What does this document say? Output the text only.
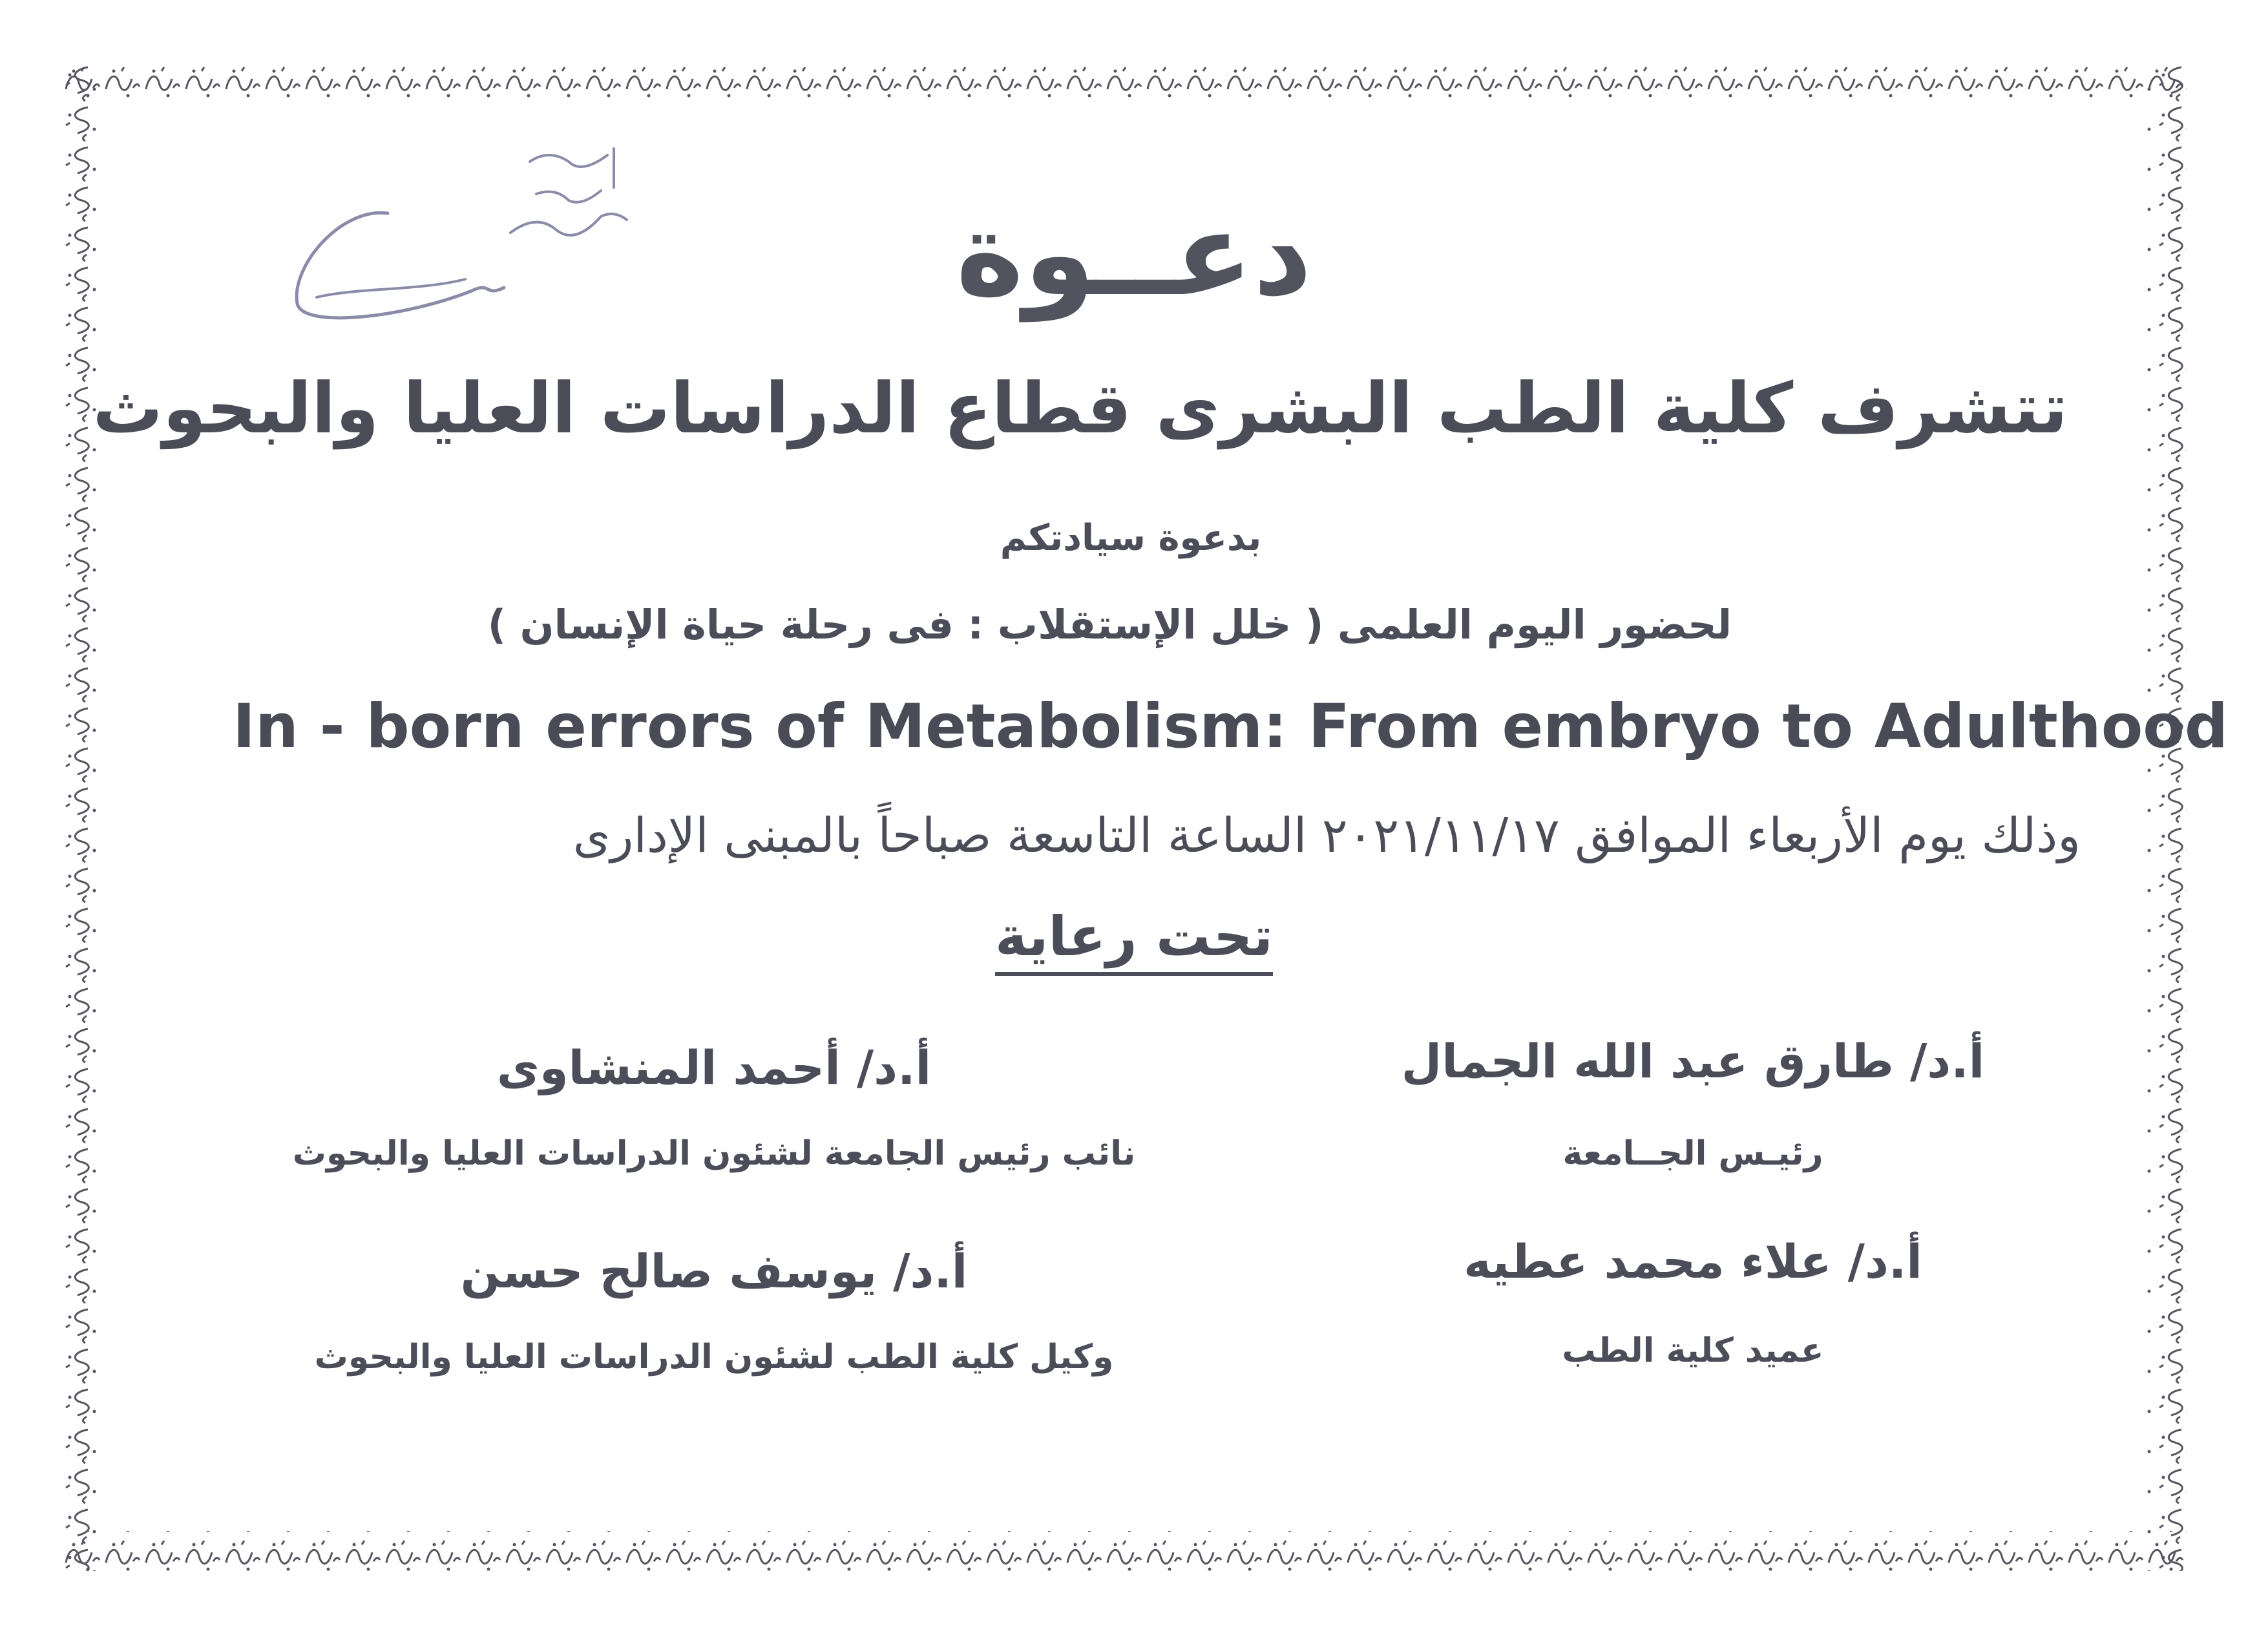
دعــوة
تتشرف كلية الطب البشرى قطاع الدراسات العليا والبحوث
بدعوة سيادتكم
لحضور اليوم العلمى ( خلل الإستقلاب : فى رحلة حياة الإنسان )
In - born errors of Metabolism: From embryo to Adulthood
وذلك يوم الأربعاء الموافق ٢٠٢١/١١/١٧ الساعة التاسعة صباحاً بالمبنى الإدارى
تحت رعاية
أ.د/ طارق عبد الله الجمال
رئيـس الجــامعة
أ.د/ أحمد المنشاوى
نائب رئيس الجامعة لشئون الدراسات العليا والبحوث
أ.د/ علاء محمد عطيه
عميد كلية الطب
أ.د/ يوسف صالح حسن
وكيل كلية الطب لشئون الدراسات العليا والبحوث
